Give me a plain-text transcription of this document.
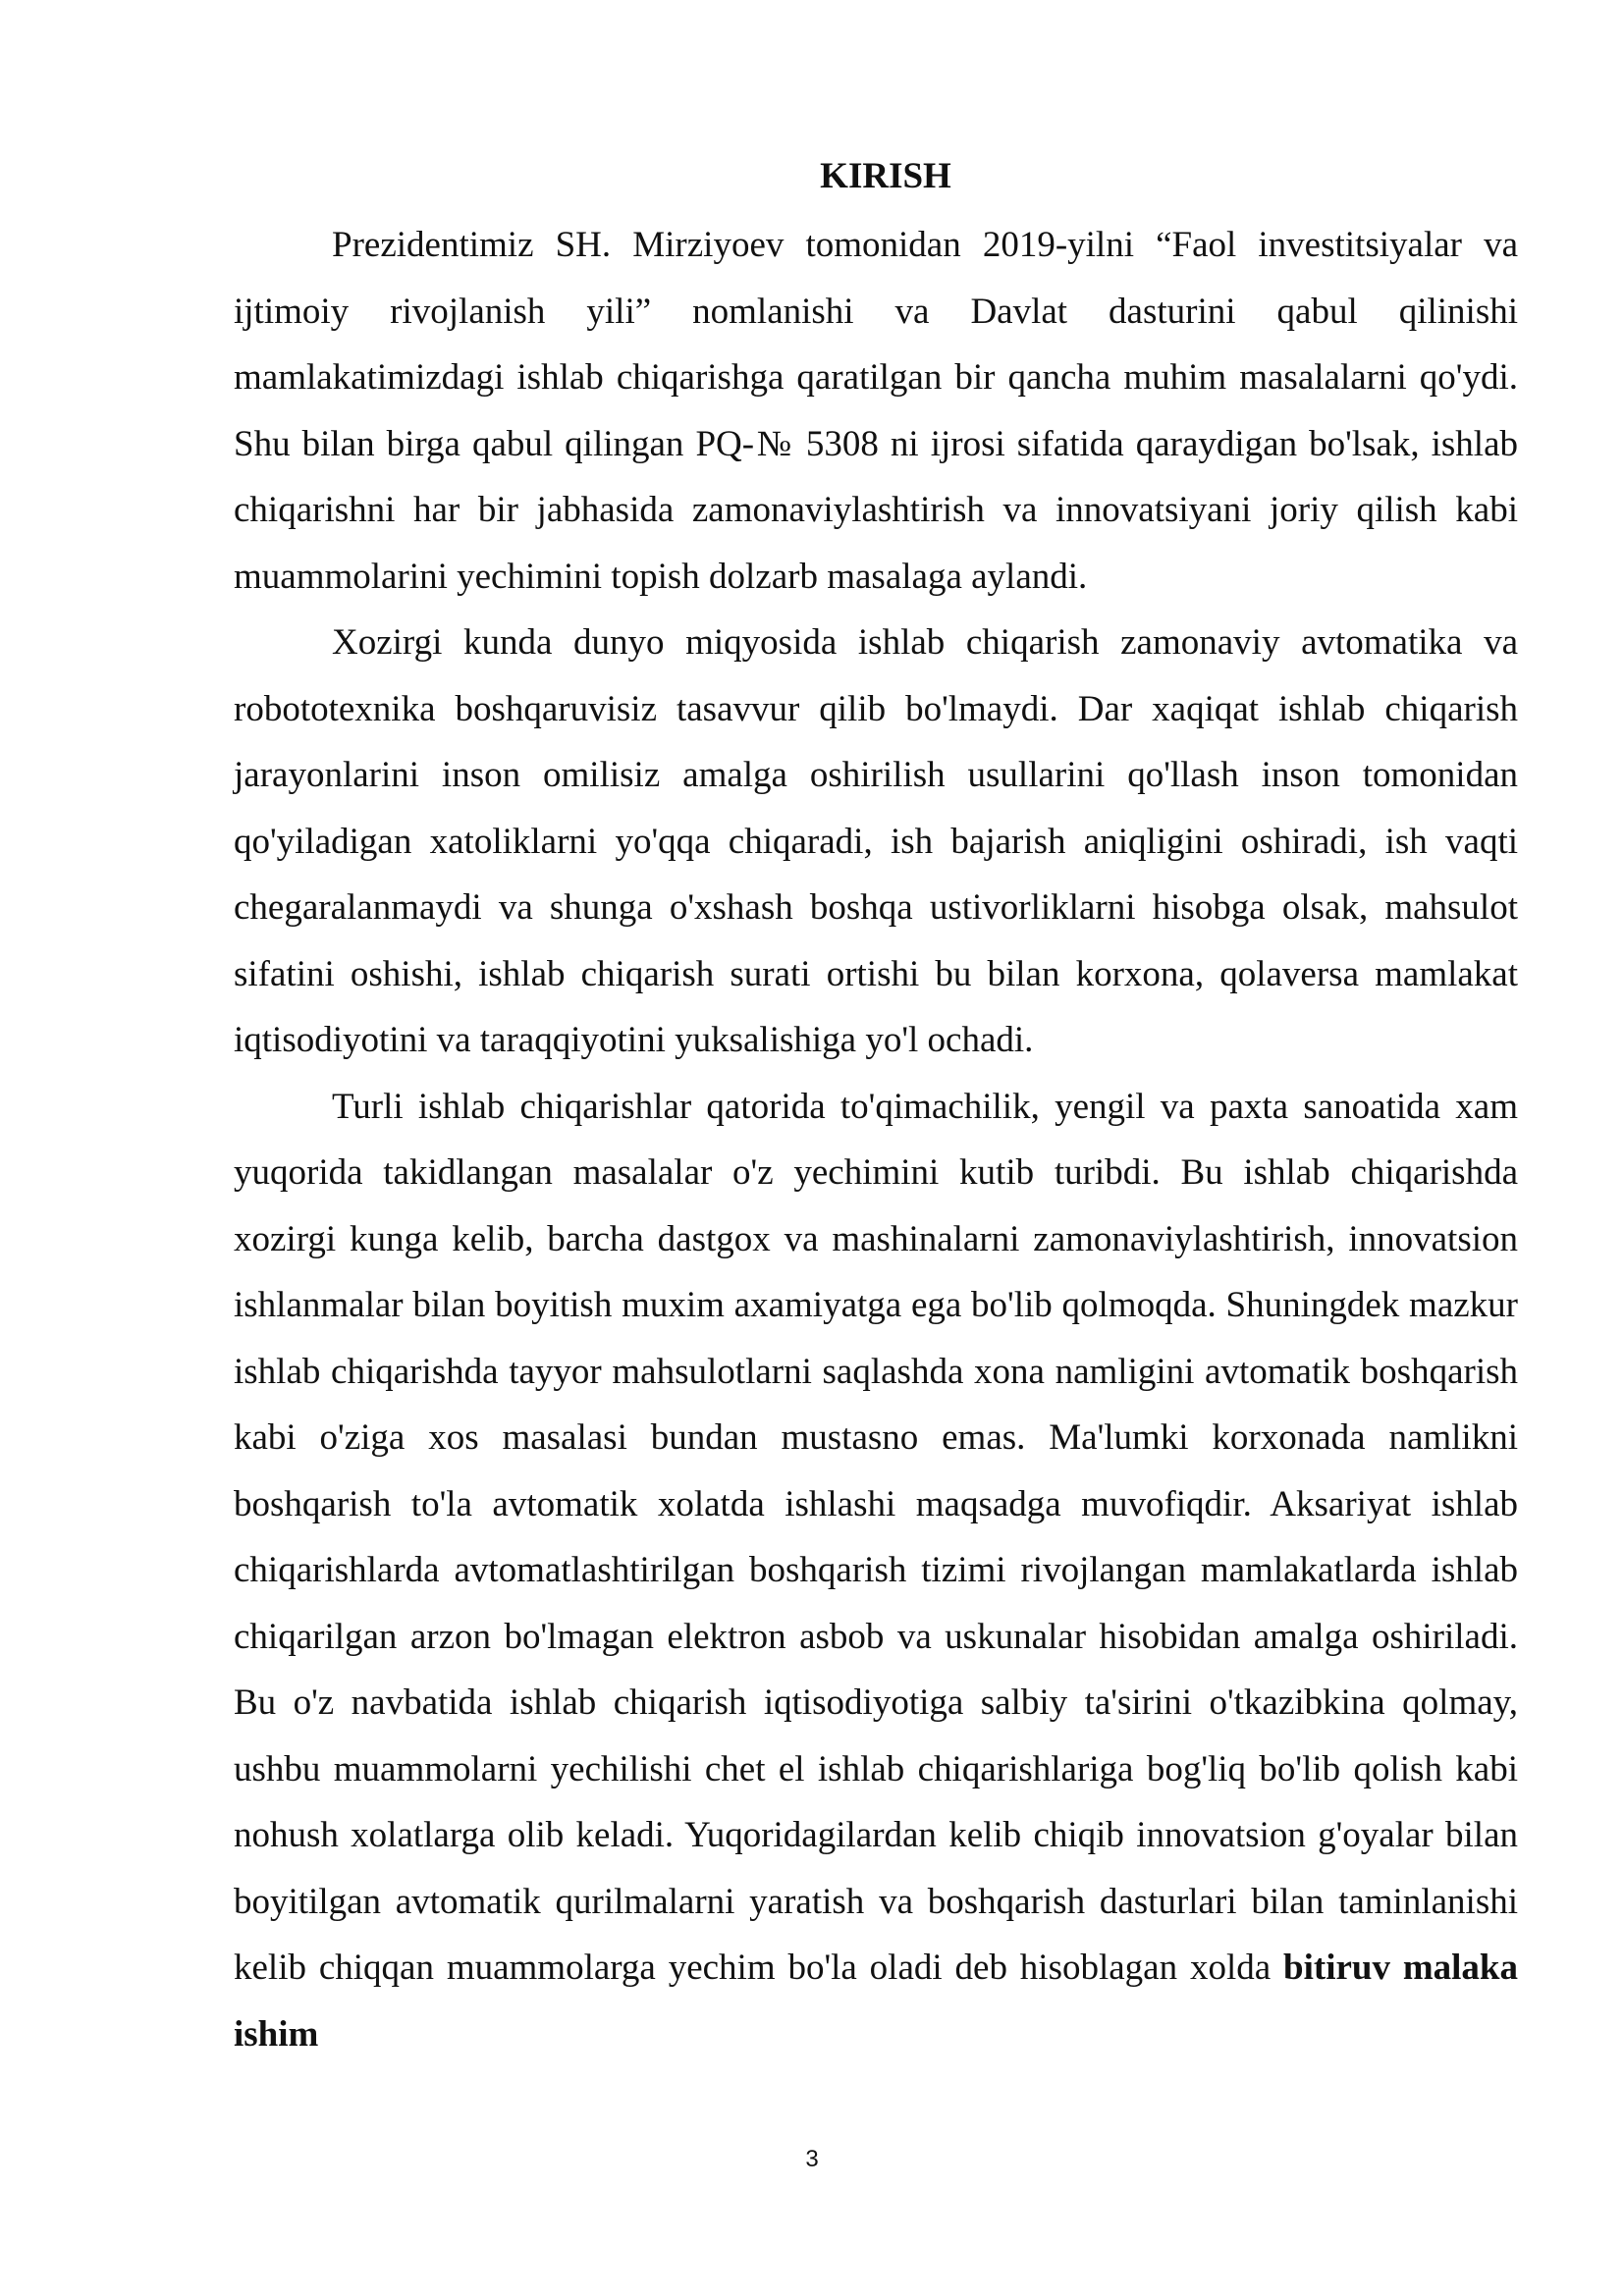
KIRISH

Prezidentimiz SH. Mirziyoev tomonidan 2019-yilni “Faol investitsiyalar va ijtimoiy rivojlanish yili” nomlanishi va Davlat dasturini qabul qilinishi mamlakatimizdagi ishlab chiqarishga qaratilgan bir qancha muhim masalalarni qo'ydi. Shu bilan birga qabul qilingan PQ-№ 5308 ni ijrosi sifatida qaraydigan bo'lsak, ishlab chiqarishni har bir jabhasida zamonaviylashtirish va innovatsiyani joriy qilish kabi muammolarini yechimini topish dolzarb masalaga aylandi.

Xozirgi kunda dunyo miqyosida ishlab chiqarish zamonaviy avtomatika va robototexnika boshqaruvisiz tasavvur qilib bo'lmaydi. Dar xaqiqat ishlab chiqarish jarayonlarini inson omilisiz amalga oshirilish usullarini qo'llash inson tomonidan qo'yiladigan xatoliklarni yo'qqa chiqaradi, ish bajarish aniqligini oshiradi, ish vaqti chegaralanmaydi va shunga o'xshash boshqa ustivorliklarni hisobga olsak, mahsulot sifatini oshishi, ishlab chiqarish surati ortishi bu bilan korxona, qolaversa mamlakat iqtisodiyotini va taraqqiyotini yuksalishiga yo'l ochadi.

Turli ishlab chiqarishlar qatorida to'qimachilik, yengil va paxta sanoatida xam yuqorida takidlangan masalalar o'z yechimini kutib turibdi. Bu ishlab chiqarishda xozirgi kunga kelib, barcha dastgox va mashinalarni zamonaviylashtirish, innovatsion ishlanmalar bilan boyitish muxim axamiyatga ega bo'lib qolmoqda. Shuningdek mazkur ishlab chiqarishda tayyor mahsulotlarni saqlashda xona namligini avtomatik boshqarish kabi o'ziga xos masalasi bundan mustasno emas. Ma'lumki korxonada namlikni boshqarish to'la avtomatik xolatda ishlashi maqsadga muvofiqdir. Aksariyat ishlab chiqarishlarda avtomatlashtirilgan boshqarish tizimi rivojlangan mamlakatlarda ishlab chiqarilgan arzon bo'lmagan elektron asbob va uskunalar hisobidan amalga oshiriladi. Bu o'z navbatida ishlab chiqarish iqtisodiyotiga salbiy ta'sirini o'tkazibkina qolmay, ushbu muammolarni yechilishi chet el ishlab chiqarishlariga bog'liq bo'lib qolish kabi nohush xolatlarga olib keladi. Yuqoridagilardan kelib chiqib innovatsion g'oyalar bilan boyitilgan avtomatik qurilmalarni yaratish va boshqarish dasturlari bilan taminlanishi kelib chiqqan muammolarga yechim bo'la oladi deb hisoblagan xolda bitiruv malaka ishim

3
